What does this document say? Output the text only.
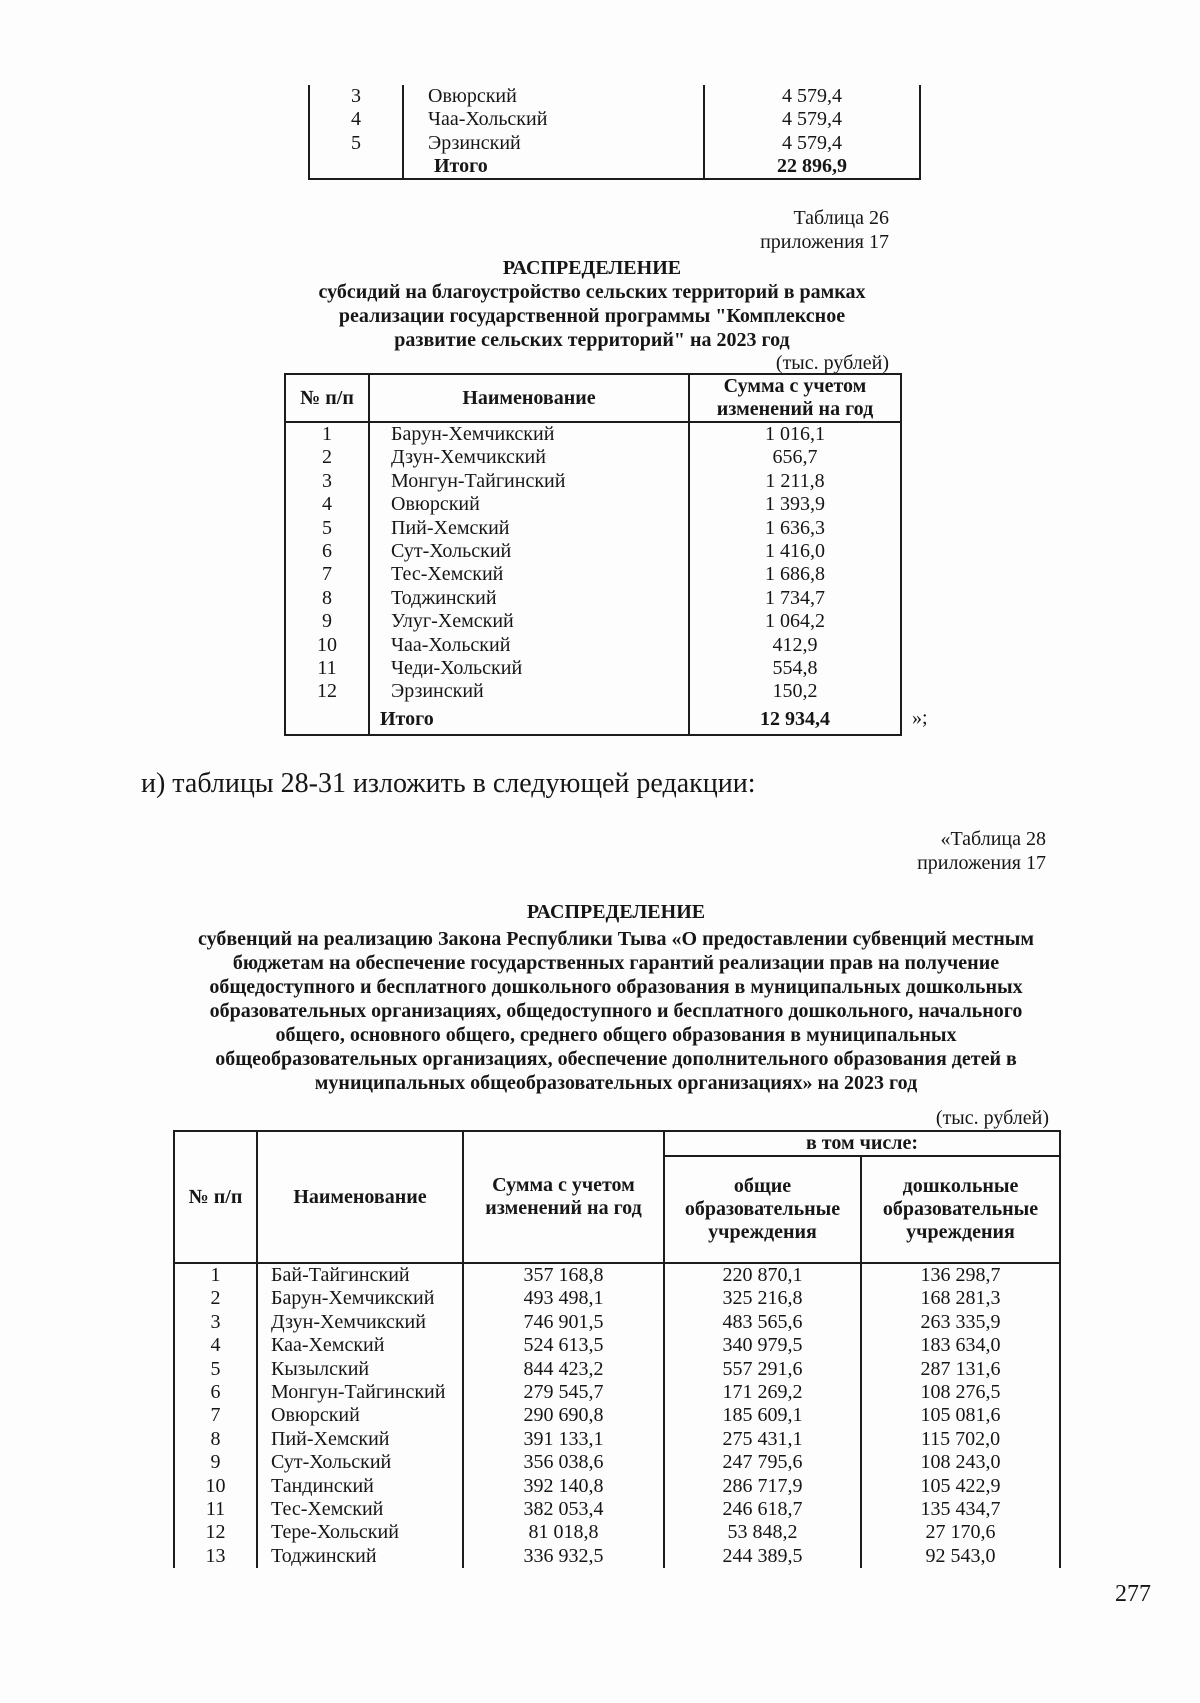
3	Овюрский	4 579,4
4	Чаа-Хольский	4 579,4
5	Эрзинский	4 579,4
	Итого	22 896,9
Таблица 26
приложения 17
РАСПРЕДЕЛЕНИЕ
субсидий на благоустройство сельских территорий в рамках
реализации государственной программы "Комплексное
развитие сельских территорий" на 2023 год
(тыс. рублей)
№ п/п	Наименование	Сумма с учетом
изменений на год

1	Барун-Хемчикский	1 016,1
2	Дзун-Хемчикский	656,7
3	Монгун-Тайгинский	1 211,8
4	Овюрский	1 393,9
5	Пий-Хемский	1 636,3
6	Сут-Хольский	1 416,0
7	Тес-Хемский	1 686,8
8	Тоджинский	1 734,7
9	Улуг-Хемский	1 064,2
10	Чаа-Хольский	412,9
11	Чеди-Хольский	554,8
12	Эрзинский	150,2
	Итого	12 934,4	»;
и) таблицы 28-31 изложить в следующей редакции:
«Таблица 28
приложения 17
РАСПРЕДЕЛЕНИЕ
субвенций на реализацию Закона Республики Тыва «О предоставлении субвенций местным
бюджетам на обеспечение государственных гарантий реализации прав на получение
общедоступного и бесплатного дошкольного образования в муниципальных дошкольных
образовательных организациях, общедоступного и бесплатного дошкольного, начального
общего, основного общего, среднего общего образования в муниципальных
общеобразовательных организациях, обеспечение дополнительного образования детей в
муниципальных общеобразовательных организациях» на 2023 год
(тыс. рублей)
№ п/п	Наименование	Сумма с учетом
изменений на год	в том числе:	

			общие
образовательные
учреждения	дошкольные
образовательные
учреждения

1	Бай-Тайгинский	357 168,8	220 870,1	136 298,7
2	Барун-Хемчикский	493 498,1	325 216,8	168 281,3
3	Дзун-Хемчикский	746 901,5	483 565,6	263 335,9
4	Каа-Хемский	524 613,5	340 979,5	183 634,0
5	Кызылский	844 423,2	557 291,6	287 131,6
6	Монгун-Тайгинский	279 545,7	171 269,2	108 276,5
7	Овюрский	290 690,8	185 609,1	105 081,6
8	Пий-Хемский	391 133,1	275 431,1	115 702,0
9	Сут-Хольский	356 038,6	247 795,6	108 243,0
10	Тандинский	392 140,8	286 717,9	105 422,9
11	Тес-Хемский	382 053,4	246 618,7	135 434,7
12	Тере-Хольский	81 018,8	53 848,2	27 170,6
13	Тоджинский	336 932,5	244 389,5	92 543,0
277
